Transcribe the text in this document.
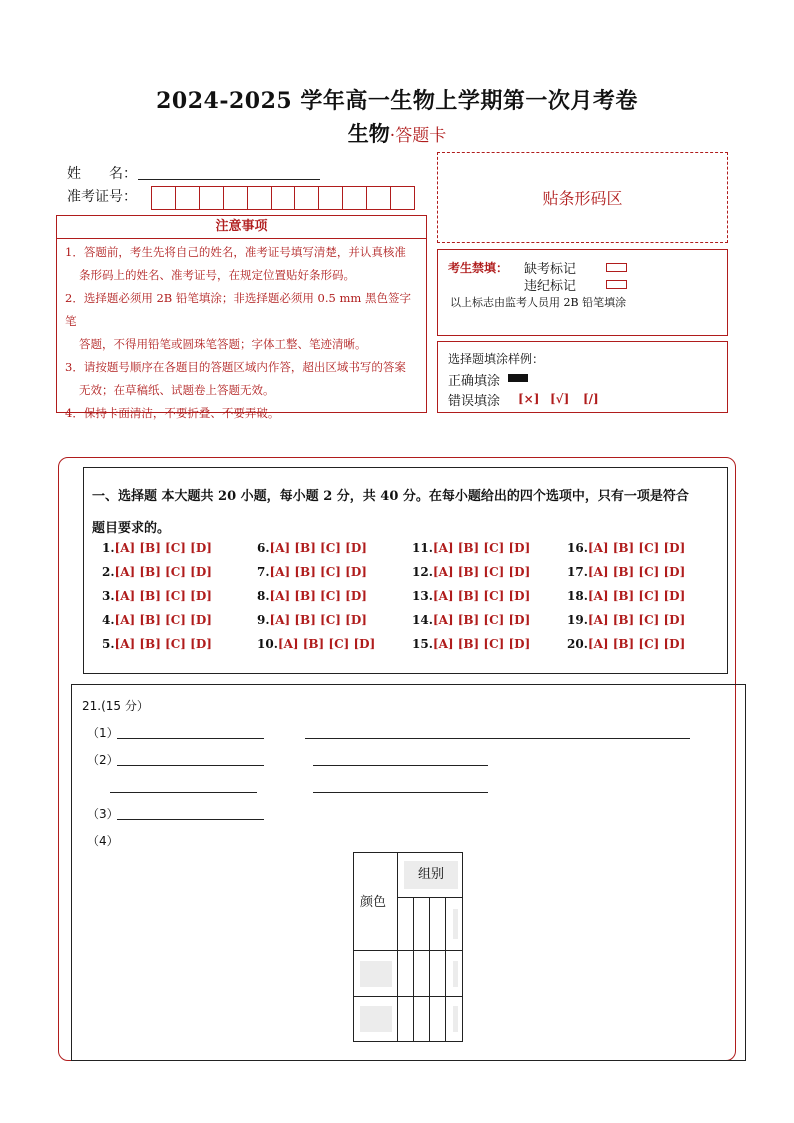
2024-2025 学年高一生物上学期第一次月考卷
生物·答题卡
姓　　名：
准考证号：
注意事项
1．答题前，考生先将自己的姓名，准考证号填写清楚，并认真核准
条形码上的姓名、准考证号，在规定位置贴好条形码。
2．选择题必须用 2B 铅笔填涂；非选择题必须用 0.5 mm 黑色签字笔
答题，不得用铅笔或圆珠笔答题；字体工整、笔迹清晰。
3．请按题号顺序在各题目的答题区域内作答，超出区域书写的答案
无效；在草稿纸、试题卷上答题无效。
4．保持卡面清洁，不要折叠、不要弄破。
贴条形码区
考生禁填： 缺考标记
违纪标记
以上标志由监考人员用 2B 铅笔填涂
选择题填涂样例：
正确填涂
错误填涂 [×] [√] [/]
一、选择题 本大题共 20 小题，每小题 2 分，共 40 分。在每小题给出的四个选项中，只有一项是符合
题目要求的。
1.[A] [B] [C] [D]
2.[A] [B] [C] [D]
3.[A] [B] [C] [D]
4.[A] [B] [C] [D]
5.[A] [B] [C] [D]
6.[A] [B] [C] [D]
7.[A] [B] [C] [D]
8.[A] [B] [C] [D]
9.[A] [B] [C] [D]
10.[A] [B] [C] [D]
11.[A] [B] [C] [D]
12.[A] [B] [C] [D]
13.[A] [B] [C] [D]
14.[A] [B] [C] [D]
15.[A] [B] [C] [D]
16.[A] [B] [C] [D]
17.[A] [B] [C] [D]
18.[A] [B] [C] [D]
19.[A] [B] [C] [D]
20.[A] [B] [C] [D]
21.(15 分）
（1）
（2）
（3）
（4）
组别
颜色
